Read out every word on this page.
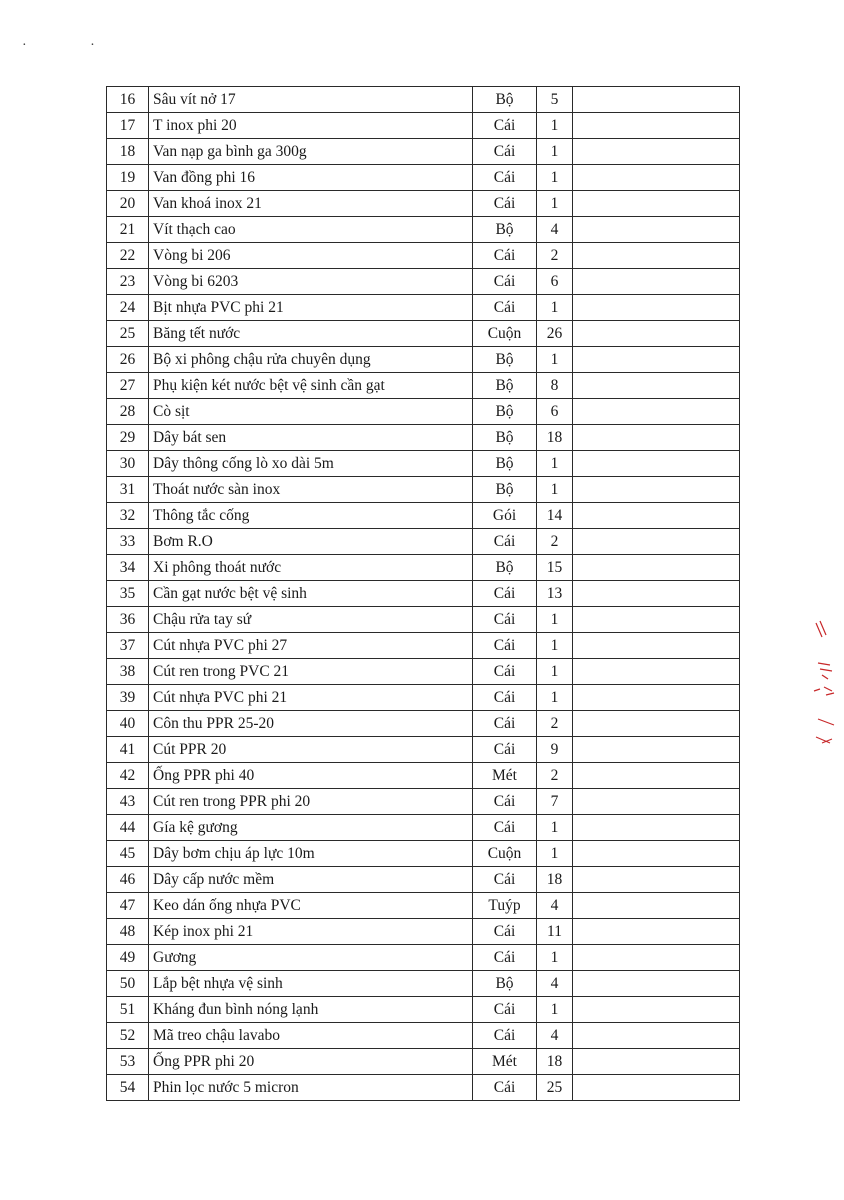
· ·
16	Sâu vít nở 17	Bộ	5	
17	T inox phi 20	Cái	1	
18	Van nạp ga bình ga 300g	Cái	1	
19	Van đồng phi 16	Cái	1	
20	Van khoá inox 21	Cái	1	
21	Vít thạch cao	Bộ	4	
22	Vòng bi 206	Cái	2	
23	Vòng bi 6203	Cái	6	
24	Bịt nhựa PVC phi 21	Cái	1	
25	Băng tết nước	Cuộn	26	
26	Bộ xi phông chậu rửa chuyên dụng	Bộ	1	
27	Phụ kiện két nước bệt vệ sinh cần gạt	Bộ	8	
28	Cò sịt	Bộ	6	
29	Dây bát sen	Bộ	18	
30	Dây thông cống lò xo dài 5m	Bộ	1	
31	Thoát nước sàn inox	Bộ	1	
32	Thông tắc cống	Gói	14	
33	Bơm R.O	Cái	2	
34	Xi phông thoát nước	Bộ	15	
35	Cần gạt nước bệt vệ sinh	Cái	13	
36	Chậu rửa tay sứ	Cái	1	
37	Cút nhựa PVC phi 27	Cái	1	
38	Cút ren trong PVC 21	Cái	1	
39	Cút nhựa PVC phi 21	Cái	1	
40	Côn thu PPR 25-20	Cái	2	
41	Cút PPR 20	Cái	9	
42	Ống PPR phi 40	Mét	2	
43	Cút ren trong PPR phi 20	Cái	7	
44	Gía kệ gương	Cái	1	
45	Dây bơm chịu áp lực 10m	Cuộn	1	
46	Dây cấp nước mềm	Cái	18	
47	Keo dán ống nhựa PVC	Tuýp	4	
48	Kép inox phi 21	Cái	11	
49	Gương	Cái	1	
50	Lắp bệt nhựa vệ sinh	Bộ	4	
51	Kháng đun bình nóng lạnh	Cái	1	
52	Mã treo chậu lavabo	Cái	4	
53	Ống PPR phi 20	Mét	18	
54	Phin lọc nước 5 micron	Cái	25	
